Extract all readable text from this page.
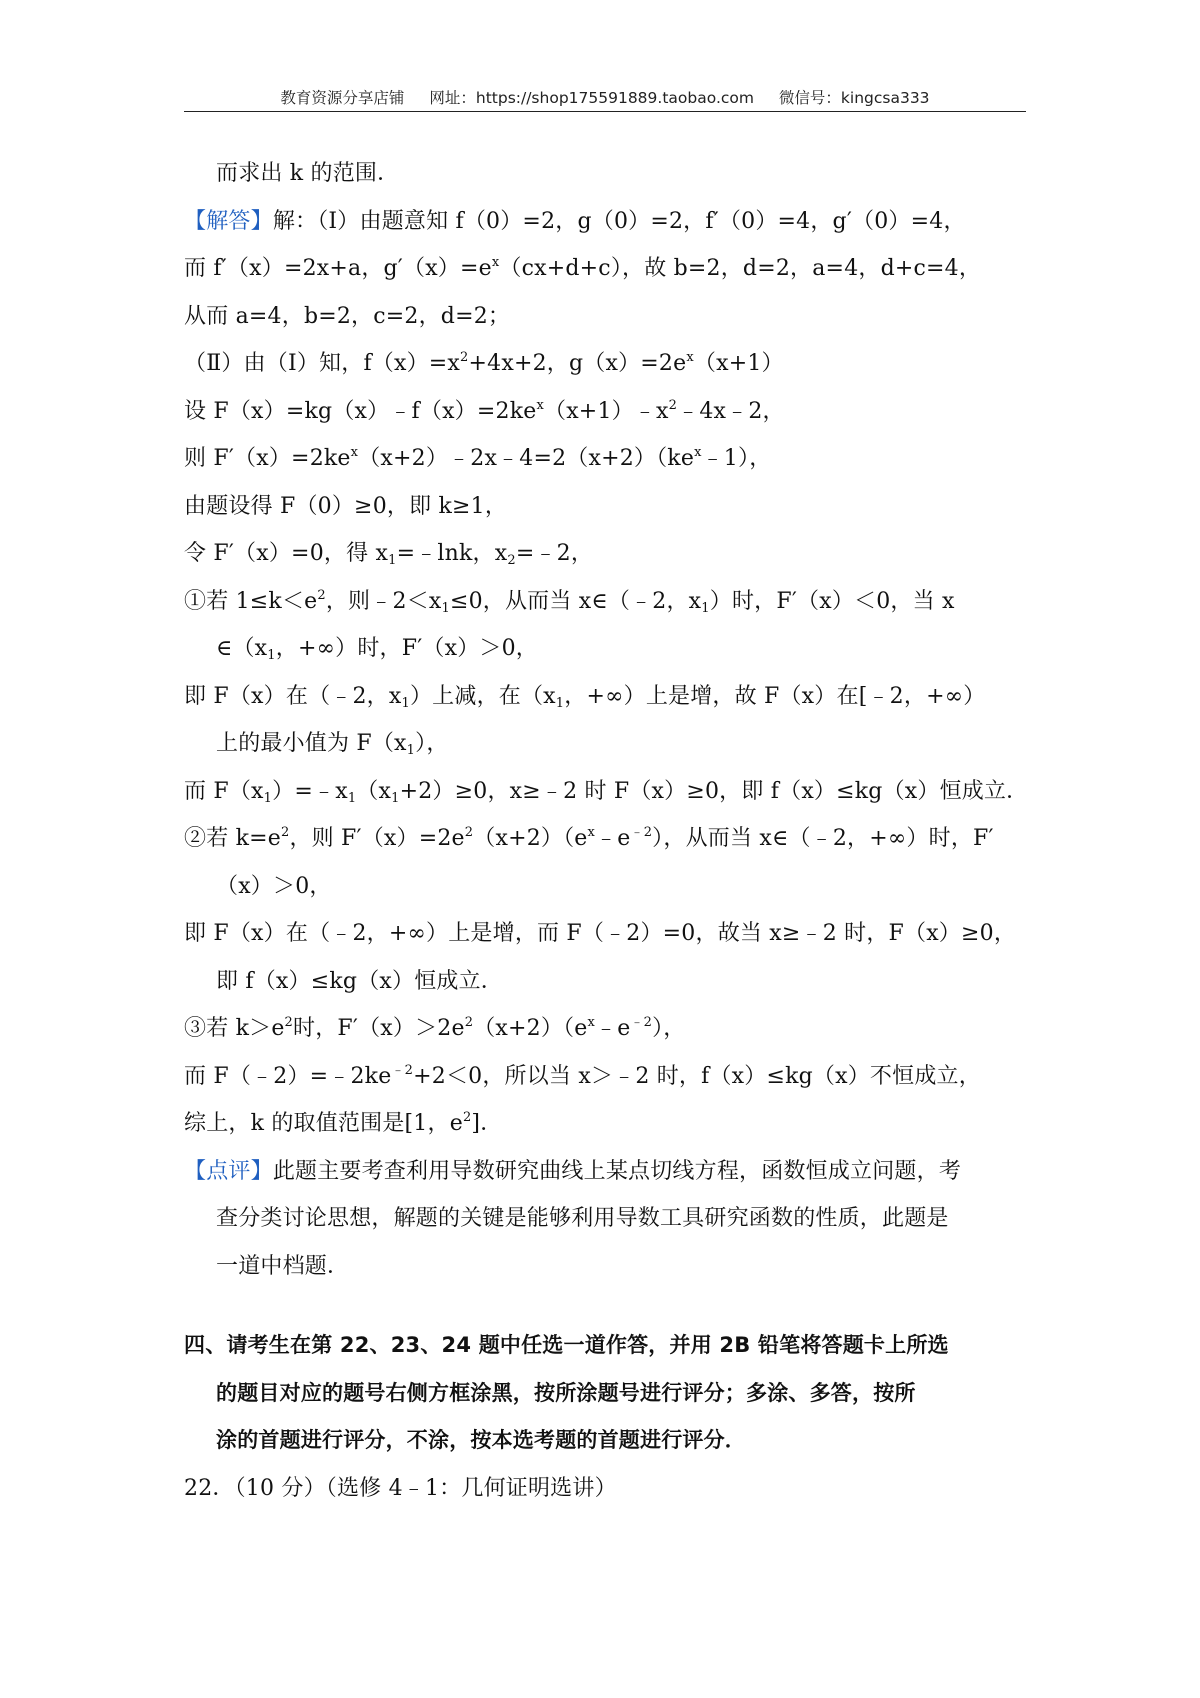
教育资源分享店铺 网址：https://shop175591889.taobao.com 微信号：kingcsa333
而求出 k 的范围．
【解答】解：（Ⅰ）由题意知 f（0）=2，g（0）=2，f′（0）=4，g′（0）=4，
而 f′（x）=2x+a，$g'(x)=e^x(cx+d+c)$，故 b=2，d=2，a=4，d+c=4，
从而 a=4，b=2，c=2，d=2；
（Ⅱ）由（I）知，$f(x)=x^2+4x+2$，$g(x)=2e^x(x+1)$
设 $F(x)=kg(x)﹣f(x)=2ke^x(x+1)﹣x^2﹣4x﹣2$，
则 $F'(x)=2ke^x(x+2)﹣2x﹣4=2(x+2)(ke^x﹣1)$，
由题设得 F（0）≥0，即 k≥1，
令 F′（x）=0，得 $x_1=﹣\ln k$，$x_2=﹣2$，
①若 $1\le k<e^2$，则$﹣2<x_1\le 0$，从而当 x∈（﹣2，$x_1$）时，F′（x）＜0，当 x
$\in(x_1$，+∞）时，F′（x）＞0，
即 F（x）在（﹣2，$x_1$）上减，在（$x_1$，+∞）上是增，故 F（x）在[﹣2，+∞）
上的最小值为 $F(x_1)$，
而 $F(x_1)=﹣x_1(x_1+2)\ge 0$，x≥﹣2 时 F（x）≥0，即 f（x）≤kg（x）恒成立．
②若 $k=e^2$，则 $F'(x)=2e^2(x+2)(e^x﹣e^{﹣2})$，从而当 x∈（﹣2，+∞）时，F′
（x）＞0，
即 F（x）在（﹣2，+∞）上是增，而 F（﹣2）=0，故当 x≥﹣2 时，F（x）≥0，
即 f（x）≤kg（x）恒成立．
③若 $k>e^2$时，$F'(x)>2e^2(x+2)(e^x﹣e^{﹣2})$，
而 $F(﹣2)=﹣2ke^{﹣2}+2<0$，所以当 x＞﹣2 时，f（x）≤kg（x）不恒成立，
综上，k 的取值范围是[1，$e^2$]．
【点评】此题主要考查利用导数研究曲线上某点切线方程，函数恒成立问题，考
查分类讨论思想，解题的关键是能够利用导数工具研究函数的性质，此题是
一道中档题．
四、请考生在第 22、23、24 题中任选一道作答，并用 2B 铅笔将答题卡上所选
的题目对应的题号右侧方框涂黑，按所涂题号进行评分；多涂、多答，按所
涂的首题进行评分，不涂，按本选考题的首题进行评分．
22．（10 分）（选修 4﹣1：几何证明选讲）
